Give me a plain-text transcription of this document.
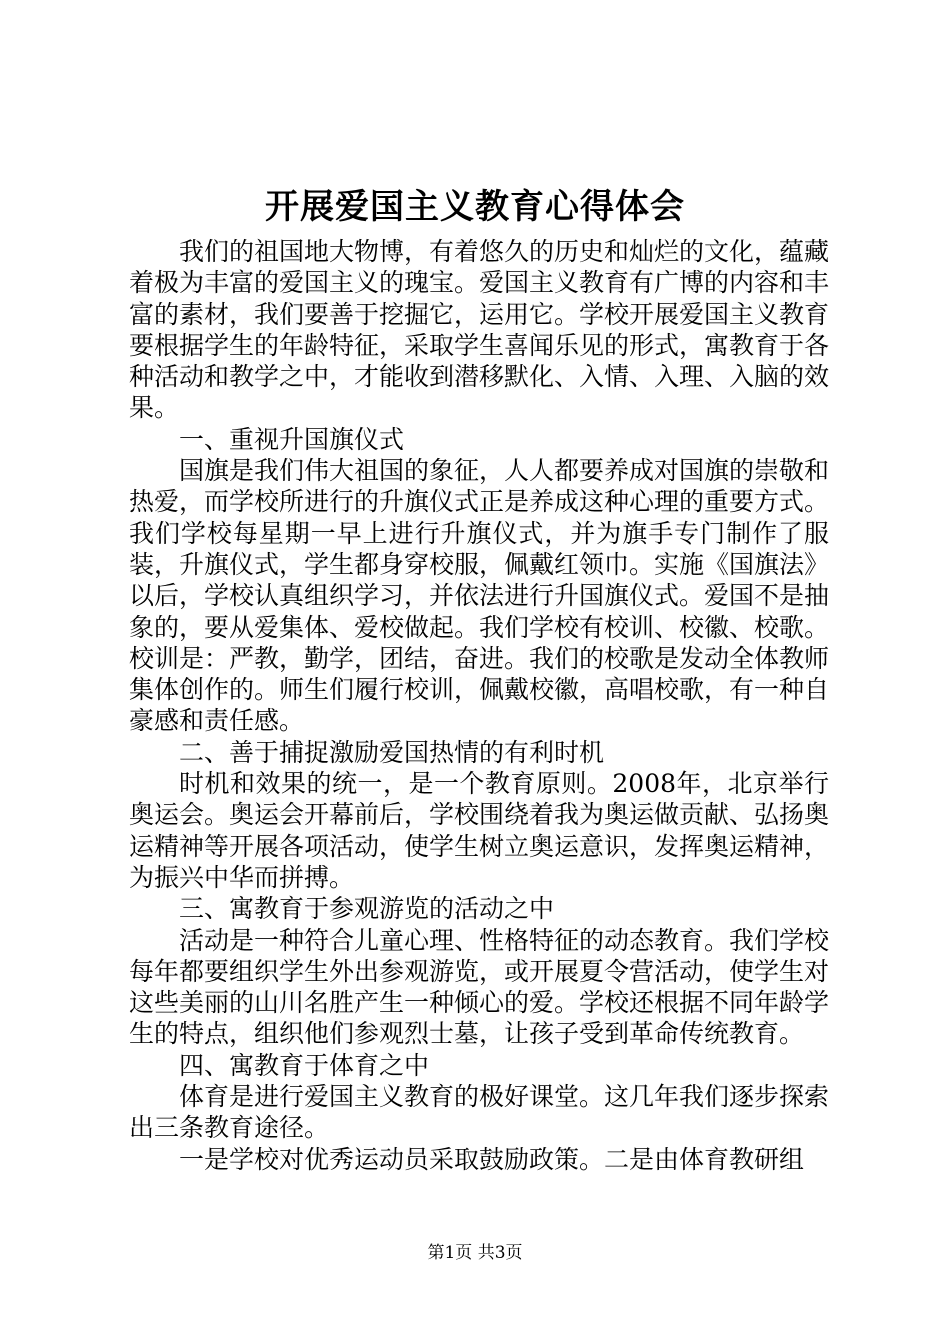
开展爱国主义教育心得体会

我们的祖国地大物博，有着悠久的历史和灿烂的文化，蕴藏着极为丰富的爱国主义的瑰宝。爱国主义教育有广博的内容和丰富的素材，我们要善于挖掘它，运用它。学校开展爱国主义教育要根据学生的年龄特征，采取学生喜闻乐见的形式，寓教育于各种活动和教学之中，才能收到潜移默化、入情、入理、入脑的效果。

一、重视升国旗仪式

国旗是我们伟大祖国的象征，人人都要养成对国旗的崇敬和热爱，而学校所进行的升旗仪式正是养成这种心理的重要方式。我们学校每星期一早上进行升旗仪式，并为旗手专门制作了服装，升旗仪式，学生都身穿校服，佩戴红领巾。实施《国旗法》以后，学校认真组织学习，并依法进行升国旗仪式。爱国不是抽象的，要从爱集体、爱校做起。我们学校有校训、校徽、校歌。校训是：严教，勤学，团结，奋进。我们的校歌是发动全体教师集体创作的。师生们履行校训，佩戴校徽，高唱校歌，有一种自豪感和责任感。

二、善于捕捉激励爱国热情的有利时机

时机和效果的统一，是一个教育原则。2008年，北京举行奥运会。奥运会开幕前后，学校围绕着我为奥运做贡献、弘扬奥运精神等开展各项活动，使学生树立奥运意识，发挥奥运精神，为振兴中华而拼搏。

三、寓教育于参观游览的活动之中

活动是一种符合儿童心理、性格特征的动态教育。我们学校每年都要组织学生外出参观游览，或开展夏令营活动，使学生对这些美丽的山川名胜产生一种倾心的爱。学校还根据不同年龄学生的特点，组织他们参观烈士墓，让孩子受到革命传统教育。

四、寓教育于体育之中

体育是进行爱国主义教育的极好课堂。这几年我们逐步探索出三条教育途径。

一是学校对优秀运动员采取鼓励政策。二是由体育教研组

第1页 共3页
